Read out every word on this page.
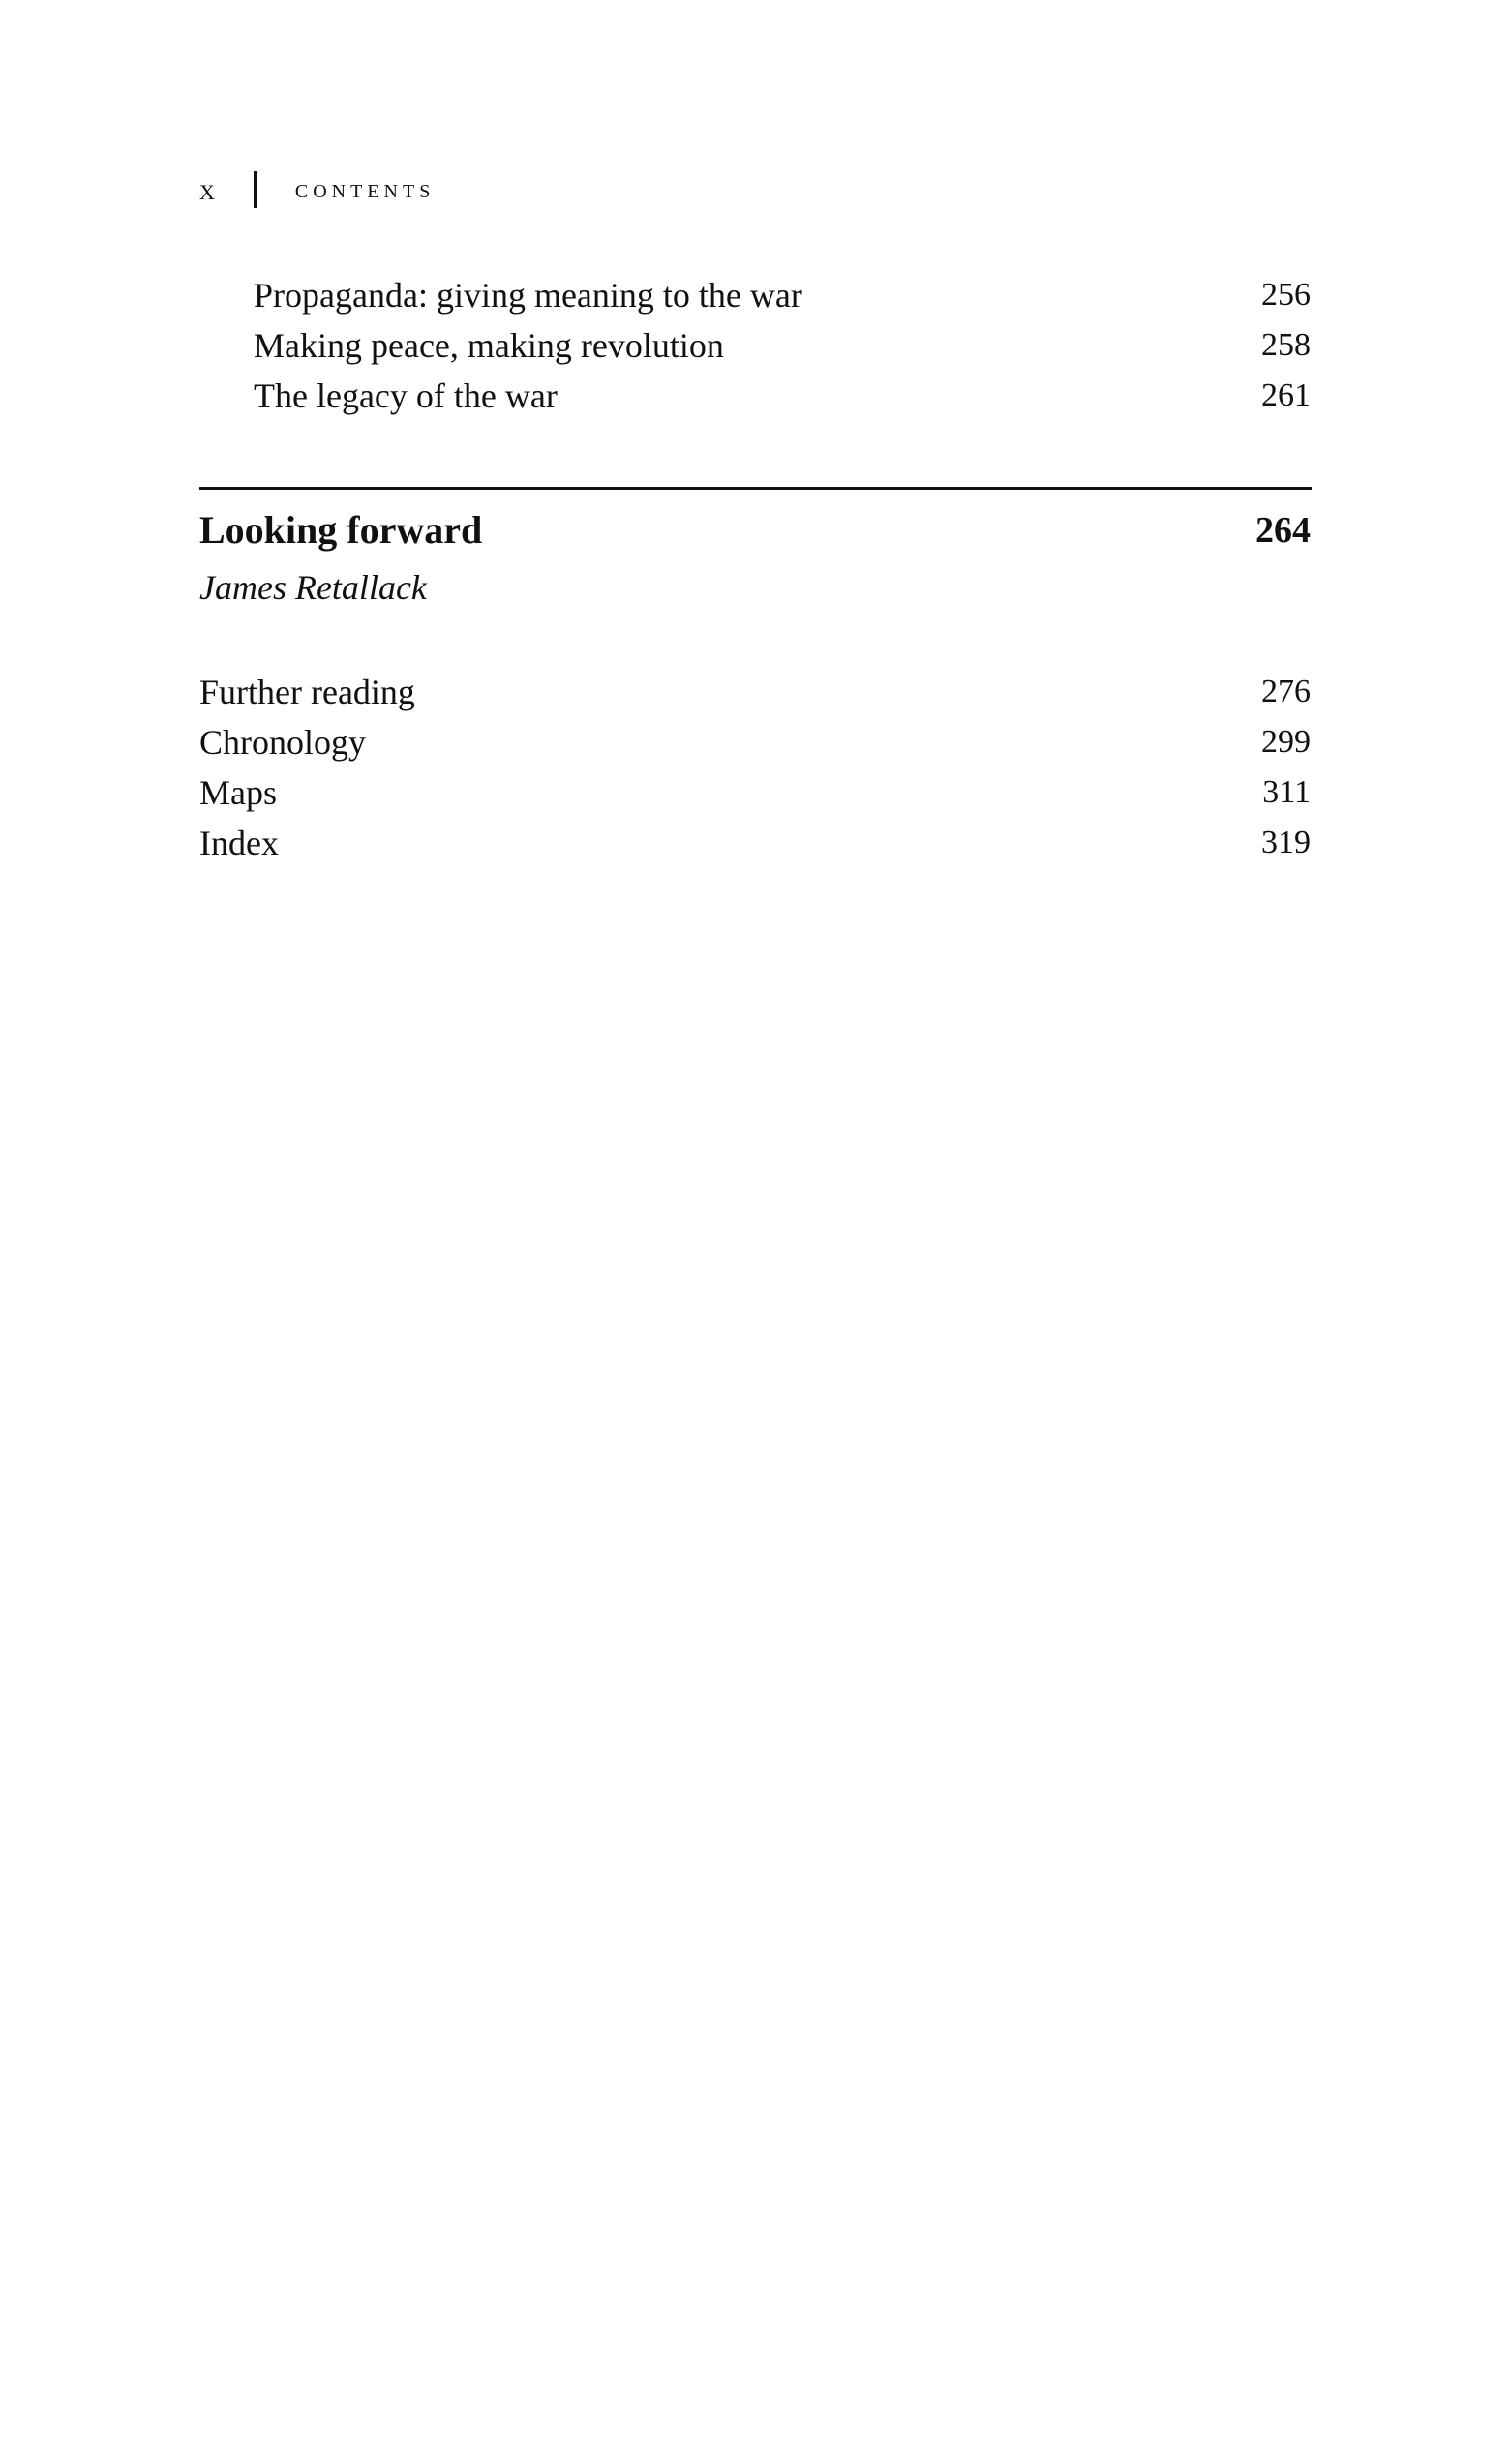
x	contents
Propaganda: giving meaning to the war	256
Making peace, making revolution	258
The legacy of the war	261
Looking forward	264
James Retallack
Further reading	276
Chronology	299
Maps	311
Index	319
